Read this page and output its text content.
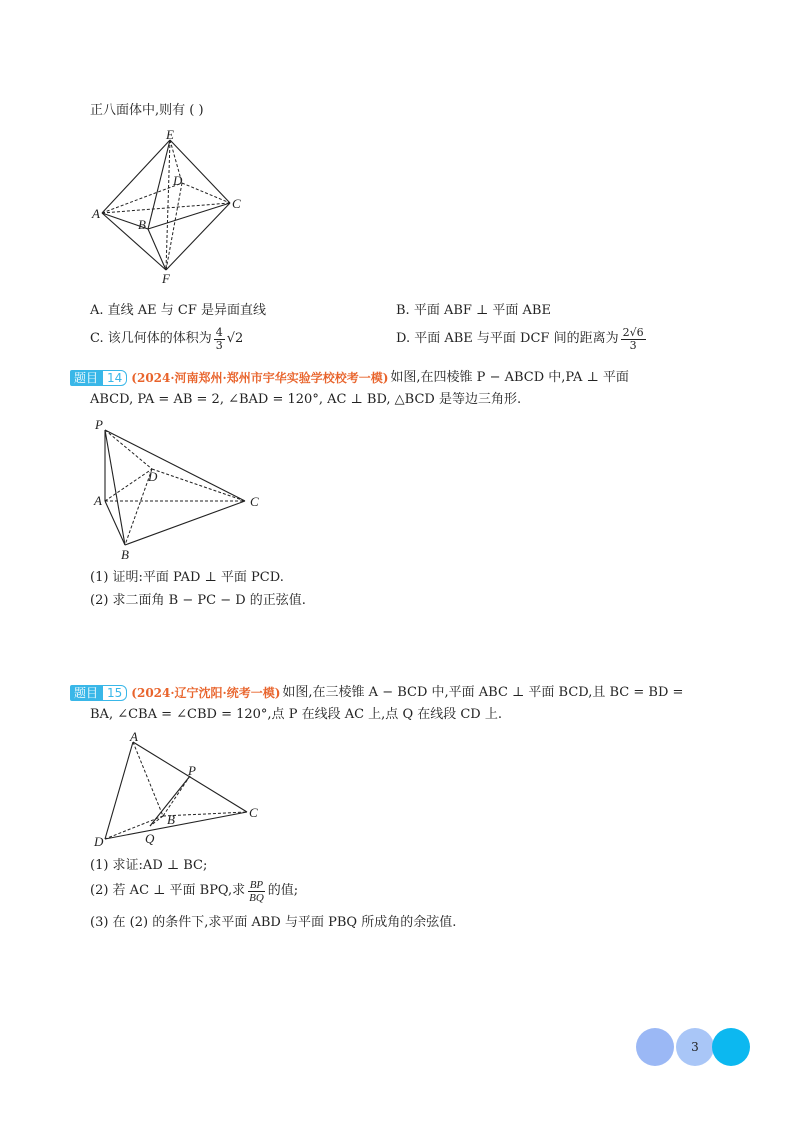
正八面体中,则有 ( )
E
D
A
B
C
F
A. 直线 AE 与 CF 是异面直线	B. 平面 ABF ⊥ 平面 ABE
C. 该几何体的体积为 $\frac{4}{3} √2$	D. 平面 ABE 与平面 DCF 间的距离为 $\frac{2√6}{3}$
题目 14 (2024·河南郑州·郑州市宇华实验学校校考一模) 如图,在四棱锥 P − ABCD 中,PA ⊥ 平面
ABCD, PA = AB = 2, ∠BAD = 120°, AC ⊥ BD, △BCD 是等边三角形.
P
D
A	C
B
(1) 证明:平面 PAD ⊥ 平面 PCD.
(2) 求二面角 B − PC − D 的正弦值.
题目 15 (2024·辽宁沈阳·统考一模) 如图,在三棱锥 A − BCD 中,平面 ABC ⊥ 平面 BCD,且 BC = BD =
BA, ∠CBA = ∠CBD = 120°,点 P 在线段 AC 上,点 Q 在线段 CD 上.
A
P
C
B
D	Q
(1) 求证:AD ⊥ BC;
(2) 若 AC ⊥ 平面 BPQ,求 $\frac{BP}{BQ}$ 的值;
(3) 在 (2) 的条件下,求平面 ABD 与平面 PBQ 所成角的余弦值.
3
